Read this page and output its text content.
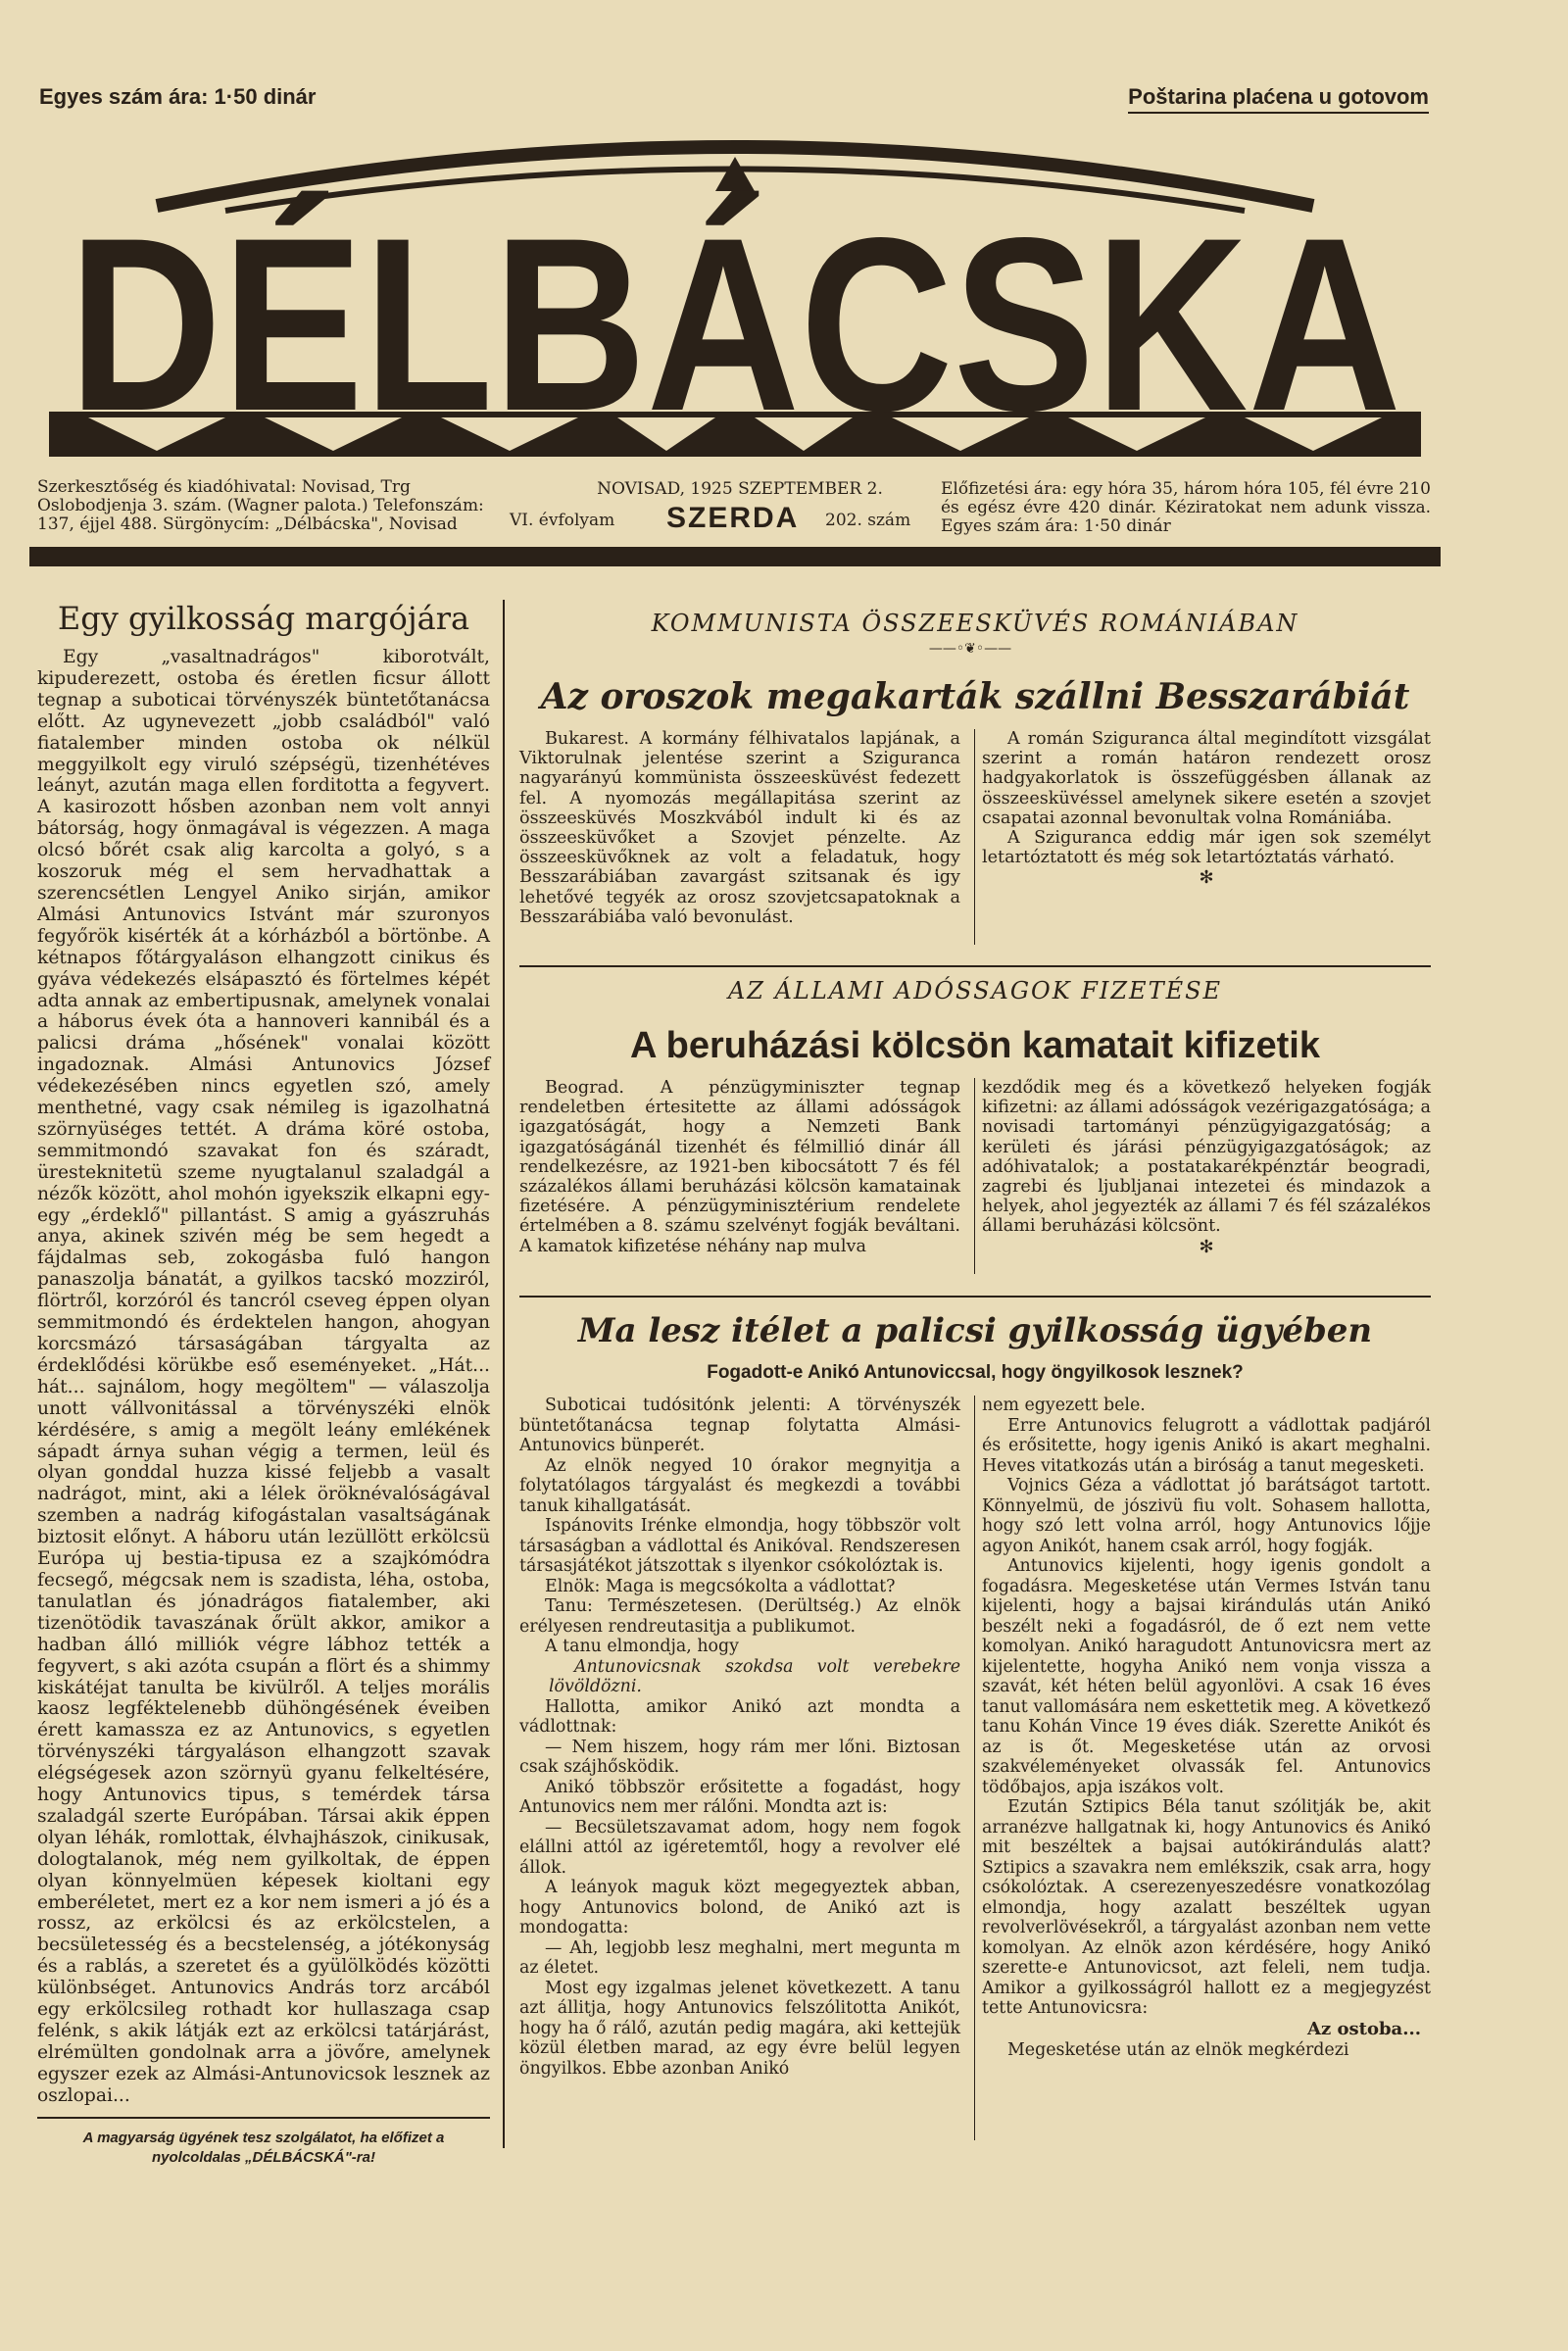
Egyes szám ára: 1·50 dinár	Poštarina plaćena u gotovom
DÉLBÁCSKA
Szerkesztőség és kiadóhivatal: Novisad, Trg Oslobodjenja 3. szám. (Wagner palota.) Telefonszám: 137, éjjel 488. Sürgönycím: „Délbácska", Novisad
NOVISAD, 1925 SZEPTEMBER 2.
VI. évfolyam SZERDA 202. szám
Előfizetési ára: egy hóra 35, három hóra 105, fél évre 210 és egész évre 420 dinár. Kéziratokat nem adunk vissza. Egyes szám ára: 1·50 dinár
Egy gyilkosság margójára

Egy „vasaltnadrágos" kiborotvált, kipuderezett, ostoba és éretlen ficsur állott tegnap a suboticai törvényszék büntetőtanácsa előtt. Az ugynevezett „jobb családból" való fiatalember minden ostoba ok nélkül meggyilkolt egy viruló szépségü, tizenhétéves leányt, azután maga ellen forditotta a fegyvert. A kasirozott hősben azonban nem volt annyi bátorság, hogy önmagával is végezzen. A maga olcsó bőrét csak alig karcolta a golyó, s a koszoruk még el sem hervadhattak a szerencsétlen Lengyel Aniko sirján, amikor Almási Antunovics Istvánt már szuronyos fegyőrök kisérték át a kórházból a börtönbe. A kétnapos főtárgyaláson elhangzott cinikus és gyáva védekezés elsápasztó és förtelmes képét adta annak az embertipusnak, amelynek vonalai a háborus évek óta a hannoveri kannibál és a palicsi dráma „hősének" vonalai között ingadoznak. Almási Antunovics József védekezésében nincs egyetlen szó, amely menthetné, vagy csak némileg is igazolhatná szörnyüséges tettét. A dráma köré ostoba, semmitmondó szavakat fon és száradt, üresteknitetü szeme nyugtalanul szaladgál a nézők között, ahol mohón igyekszik elkapni egy-egy „érdeklő" pillantást. S amig a gyászruhás anya, akinek szivén még be sem hegedt a fájdalmas seb, zokogásba fuló hangon panaszolja bánatát, a gyilkos tacskó mozziról, flörtről, korzóról és tancról cseveg éppen olyan semmitmondó és érdektelen hangon, ahogyan korcsmázó társaságában tárgyalta az érdeklődési körükbe eső eseményeket. „Hát... hát... sajnálom, hogy megöltem" — válaszolja unott vállvonitással a törvényszéki elnök kérdésére, s amig a megölt leány emlékének sápadt árnya suhan végig a termen, leül és olyan gonddal huzza kissé feljebb a vasalt nadrágot, mint, aki a lélek öröknévalóságával szemben a nadrág kifogástalan vasaltságának biztosit előnyt. A háboru után lezüllött erkölcsü Európa uj bestia-tipusa ez a szajkómódra fecsegő, mégcsak nem is szadista, léha, ostoba, tanulatlan és jónadrágos fiatalember, aki tizenötödik tavaszának őrült akkor, amikor a hadban álló milliók végre lábhoz tették a fegyvert, s aki azóta csupán a flört és a shimmy kiskátéjat tanulta be kivülről. A teljes morális kaosz legféktelenebb dühöngésének éveiben érett kamassza ez az Antunovics, s egyetlen törvényszéki tárgyaláson elhangzott szavak elégségesek azon szörnyü gyanu felkeltésére, hogy Antunovics tipus, s temérdek társa szaladgál szerte Európában. Társai akik éppen olyan léhák, romlottak, élvhajhászok, cinikusak, dologtalanok, még nem gyilkoltak, de éppen olyan könnyelmüen képesek kioltani egy emberéletet, mert ez a kor nem ismeri a jó és a rossz, az erkölcsi és az erkölcstelen, a becsületesség és a becstelenség, a jótékonyság és a rablás, a szeretet és a gyülölködés közötti különbséget. Antunovics András torz arcából egy erkölcsileg rothadt kor hullaszaga csap felénk, s akik látják ezt az erkölcsi tatárjárást, elrémülten gondolnak arra a jövőre, amelynek egyszer ezek az Almási-Antunovicsok lesznek az oszlopai...

A magyarság ügyének tesz szolgálatot, ha előfizet a nyolcoldalas „DÉLBÁCSKÁ"-ra!
KOMMUNISTA ÖSSZEESKÜVÉS ROMÁNIÁBAN
——◦❦◦——
Az oroszok megakarták szállni Besszarábiát

Bukarest. A kormány félhivatalos lapjának, a Viktorulnak jelentése szerint a Sziguranca nagyarányú kommünista összeesküvést fedezett fel. A nyomozás megállapitása szerint az összeesküvés Moszkvából indult ki és az összeesküvőket a Szovjet pénzelte. Az összeesküvőknek az volt a feladatuk, hogy Besszarábiában zavargást szitsanak és igy lehetővé tegyék az orosz szovjetcsapatoknak a Besszarábiába való bevonulást.

A román Sziguranca által megindított vizsgálat szerint a román határon rendezett orosz hadgyakorlatok is összefüggésben állanak az összeesküvéssel amelynek sikere esetén a szovjet csapatai azonnal bevonultak volna Romániába.

A Sziguranca eddig már igen sok személyt letartóztatott és még sok letartóztatás várható.

✻
AZ ÁLLAMI ADÓSSAGOK FIZETÉSE
A beruházási kölcsön kamatait kifizetik

Beograd. A pénzügyminiszter tegnap rendeletben értesitette az állami adósságok igazgatóságát, hogy a Nemzeti Bank igazgatóságánál tizenhét és félmillió dinár áll rendelkezésre, az 1921-ben kibocsátott 7 és fél százalékos állami beruházási kölcsön kamatainak fizetésére. A pénzügyminisztérium rendelete értelmében a 8. számu szelvényt fogják beváltani. A kamatok kifizetése néhány nap mulva

kezdődik meg és a következő helyeken fogják kifizetni: az állami adósságok vezérigazgatósága; a novisadi tartományi pénzügyigazgatóság; a kerületi és járási pénzügyigazgatóságok; az adóhivatalok; a postatakarékpénztár beogradi, zagrebi és ljubljanai intezetei és mindazok a helyek, ahol jegyezték az állami 7 és fél százalékos állami beruházási kölcsönt.

✻
Ma lesz itélet a palicsi gyilkosság ügyében
Fogadott-e Anikó Antunoviccsal, hogy öngyilkosok lesznek?

Suboticai tudósitónk jelenti: A törvényszék büntetőtanácsa tegnap folytatta Almási-Antunovics bünperét.

Az elnök negyed 10 órakor megnyitja a folytatólagos tárgyalást és megkezdi a további tanuk kihallgatását.

Ispánovits Irénke elmondja, hogy többször volt társaságban a vádlottal és Anikóval. Rendszeresen társasjátékot játszottak s ilyenkor csókolóztak is.

Elnök: Maga is megcsókolta a vádlottat?

Tanu: Természetesen. (Derültség.) Az elnök erélyesen rendreutasitja a publikumot.

A tanu elmondja, hogy

Antunovicsnak szokdsa volt verebekre lövöldözni.

Hallotta, amikor Anikó azt mondta a vádlottnak:

— Nem hiszem, hogy rám mer lőni. Biztosan csak szájhősködik.

Anikó többször erősitette a fogadást, hogy Antunovics nem mer rálőni. Mondta azt is:

— Becsületszavamat adom, hogy nem fogok elállni attól az igéretemtől, hogy a revolver elé állok.

A leányok maguk közt megegyeztek abban, hogy Antunovics bolond, de Anikó azt is mondogatta:

— Ah, legjobb lesz meghalni, mert megunta m az életet.

Most egy izgalmas jelenet következett. A tanu azt állitja, hogy Antunovics felszólitotta Anikót, hogy ha ő rálő, azután pedig magára, aki kettejük közül életben marad, az egy évre belül legyen öngyilkos. Ebbe azonban Anikó

nem egyezett bele.

Erre Antunovics felugrott a vádlottak padjáról és erősitette, hogy igenis Anikó is akart meghalni. Heves vitatkozás után a biróság a tanut megesketi.

Vojnics Géza a vádlottat jó barátságot tartott. Könnyelmü, de jószivü fiu volt. Sohasem hallotta, hogy szó lett volna arról, hogy Antunovics lőjje agyon Anikót, hanem csak arról, hogy fogják.

Antunovics kijelenti, hogy igenis gondolt a fogadásra. Megesketése után Vermes István tanu kijelenti, hogy a bajsai kirándulás után Anikó beszélt neki a fogadásról, de ő ezt nem vette komolyan. Anikó haragudott Antunovicsra mert az kijelentette, hogyha Anikó nem vonja vissza a szavát, két héten belül agyonlövi. A csak 16 éves tanut vallomására nem eskettetik meg. A következő tanu Kohán Vince 19 éves diák. Szerette Anikót és az is őt. Megesketése után az orvosi szakvéleményeket olvassák fel. Antunovics tödőbajos, apja iszákos volt.

Ezután Sztipics Béla tanut szólitják be, akit arranézve hallgatnak ki, hogy Antunovics és Anikó mit beszéltek a bajsai autókirándulás alatt? Sztipics a szavakra nem emlékszik, csak arra, hogy csókolóztak. A cserezenyeszedésre vonatkozólag elmondja, hogy azalatt beszéltek ugyan revolverlövésekről, a tárgyalást azonban nem vette komolyan. Az elnök azon kérdésére, hogy Anikó szerette-e Antunovicsot, azt feleli, nem tudja. Amikor a gyilkosságról hallott ez a megjegyzést tette Antunovicsra:

Az ostoba...

Megesketése után az elnök megkérdezi
